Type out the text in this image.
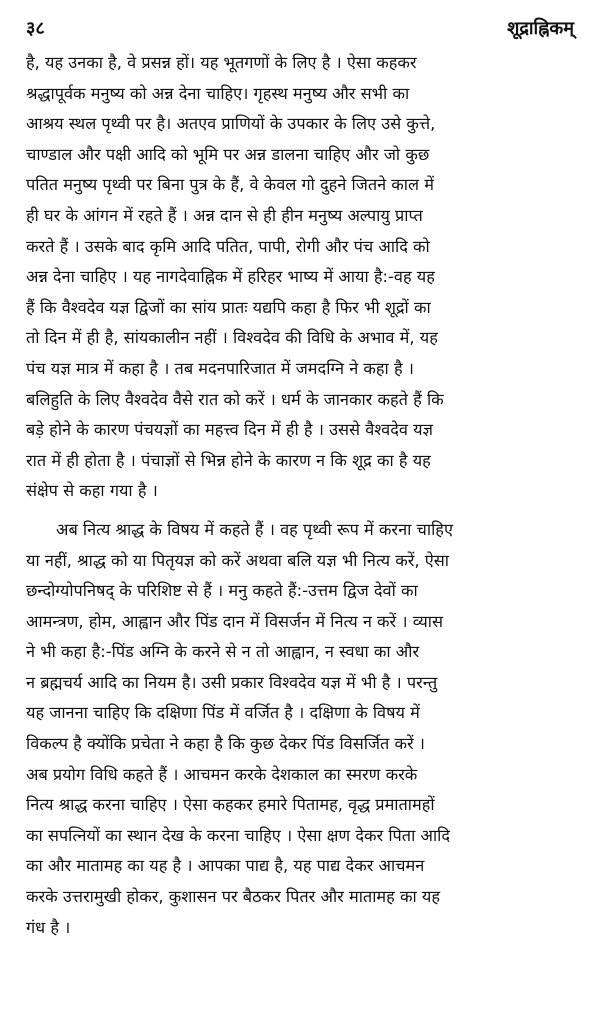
३८	शूद्राह्निकम्
है, यह उनका है, वे प्रसन्न हों। यह भूतगणों के लिए है । ऐसा कहकर
श्रद्धापूर्वक मनुष्य को अन्न देना चाहिए। गृहस्थ मनुष्य और सभी का
आश्रय स्थल पृथ्वी पर है। अतएव प्राणियों के उपकार के लिए उसे कुत्ते,
चाण्डाल और पक्षी आदि को भूमि पर अन्न डालना चाहिए और जो कुछ
पतित मनुष्य पृथ्वी पर बिना पुत्र के हैं, वे केवल गो दुहने जितने काल में
ही घर के आंगन में रहते हैं । अन्न दान से ही हीन मनुष्य अल्पायु प्राप्त
करते हैं । उसके बाद कृमि आदि पतित, पापी, रोगी और पंच आदि को
अन्न देना चाहिए । यह नागदेवाह्निक में हरिहर भाष्य में आया है:-वह यह
हैं कि वैश्वदेव यज्ञ द्विजों का सांय प्रातः यद्यपि कहा है फिर भी शूद्रों का
तो दिन में ही है, सांयकालीन नहीं । विश्वदेव की विधि के अभाव में, यह
पंच यज्ञ मात्र में कहा है । तब मदनपारिजात में जमदग्नि ने कहा है ।
बलिहुति के लिए वैश्वदेव वैसे रात को करें । धर्म के जानकार कहते हैं कि
बड़े होने के कारण पंचयज्ञों का महत्त्व दिन में ही है । उससे वैश्वदेव यज्ञ
रात में ही होता है । पंचाज्ञों से भिन्न होने के कारण न कि शूद्र का है यह
संक्षेप से कहा गया है ।
अब नित्य श्राद्ध के विषय में कहते हैं । वह पृथ्वी रूप में करना चाहिए
या नहीं, श्राद्ध को या पितृयज्ञ को करें अथवा बलि यज्ञ भी नित्य करें, ऐसा
छन्दोग्योपनिषद् के परिशिष्ट से हैं । मनु कहते हैं:-उत्तम द्विज देवों का
आमन्त्रण, होम, आह्वान और पिंड दान में विसर्जन में नित्य न करें । व्यास
ने भी कहा है:-पिंड अग्नि के करने से न तो आह्वान, न स्वधा का और
न ब्रह्मचर्य आदि का नियम है। उसी प्रकार विश्वदेव यज्ञ में भी है । परन्तु
यह जानना चाहिए कि दक्षिणा पिंड में वर्जित है । दक्षिणा के विषय में
विकल्प है क्योंकि प्रचेता ने कहा है कि कुछ देकर पिंड विसर्जित करें ।
अब प्रयोग विधि कहते हैं । आचमन करके देशकाल का स्मरण करके
नित्य श्राद्ध करना चाहिए । ऐसा कहकर हमारे पितामह, वृद्ध प्रमातामहों
का सपत्नियों का स्थान देख के करना चाहिए । ऐसा क्षण देकर पिता आदि
का और मातामह का यह है । आपका पाद्य है, यह पाद्य देकर आचमन
करके उत्तरामुखी होकर, कुशासन पर बैठकर पितर और मातामह का यह
गंध है ।
